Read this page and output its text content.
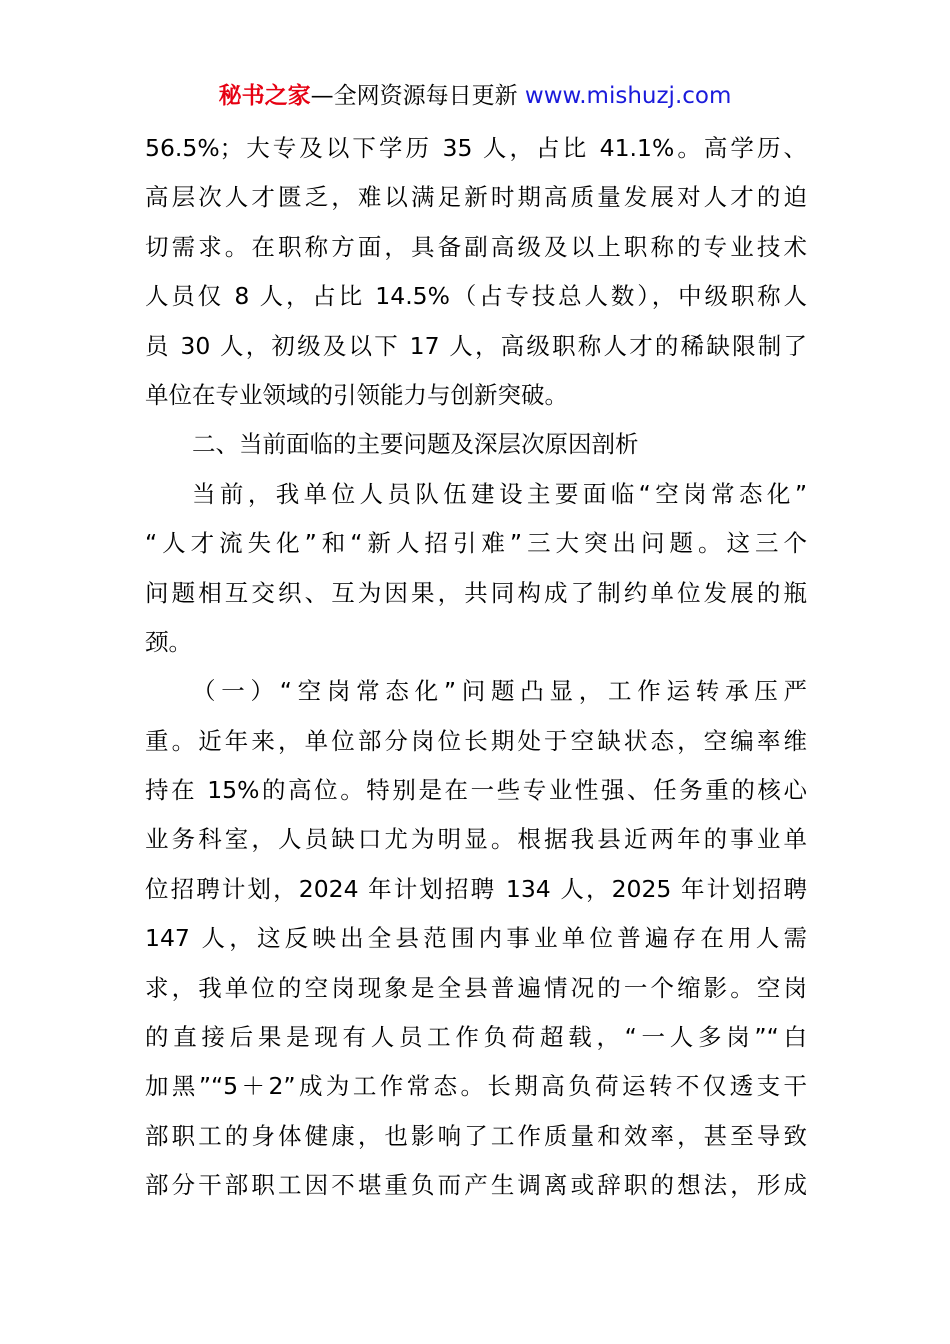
秘书之家—全网资源每日更新 www.mishuzj.com
56.5%；大专及以下学历 35 人，占比 41.1%。高学历、
高层次人才匮乏，难以满足新时期高质量发展对人才的迫
切需求。在职称方面，具备副高级及以上职称的专业技术
人员仅 8 人，占比 14.5%（占专技总人数），中级职称人
员 30 人，初级及以下 17 人，高级职称人才的稀缺限制了
单位在专业领域的引领能力与创新突破。
二、当前面临的主要问题及深层次原因剖析
当前，我单位人员队伍建设主要面临“空岗常态化”
“人才流失化”和“新人招引难”三大突出问题。这三个
问题相互交织、互为因果，共同构成了制约单位发展的瓶
颈。
（一）“空岗常态化”问题凸显，工作运转承压严
重。近年来，单位部分岗位长期处于空缺状态，空编率维
持在 15%的高位。特别是在一些专业性强、任务重的核心
业务科室，人员缺口尤为明显。根据我县近两年的事业单
位招聘计划，2024 年计划招聘 134 人，2025 年计划招聘
147 人，这反映出全县范围内事业单位普遍存在用人需
求，我单位的空岗现象是全县普遍情况的一个缩影。空岗
的直接后果是现有人员工作负荷超载，“一人多岗”“白
加黑”“5＋2”成为工作常态。长期高负荷运转不仅透支干
部职工的身体健康，也影响了工作质量和效率，甚至导致
部分干部职工因不堪重负而产生调离或辞职的想法，形成
